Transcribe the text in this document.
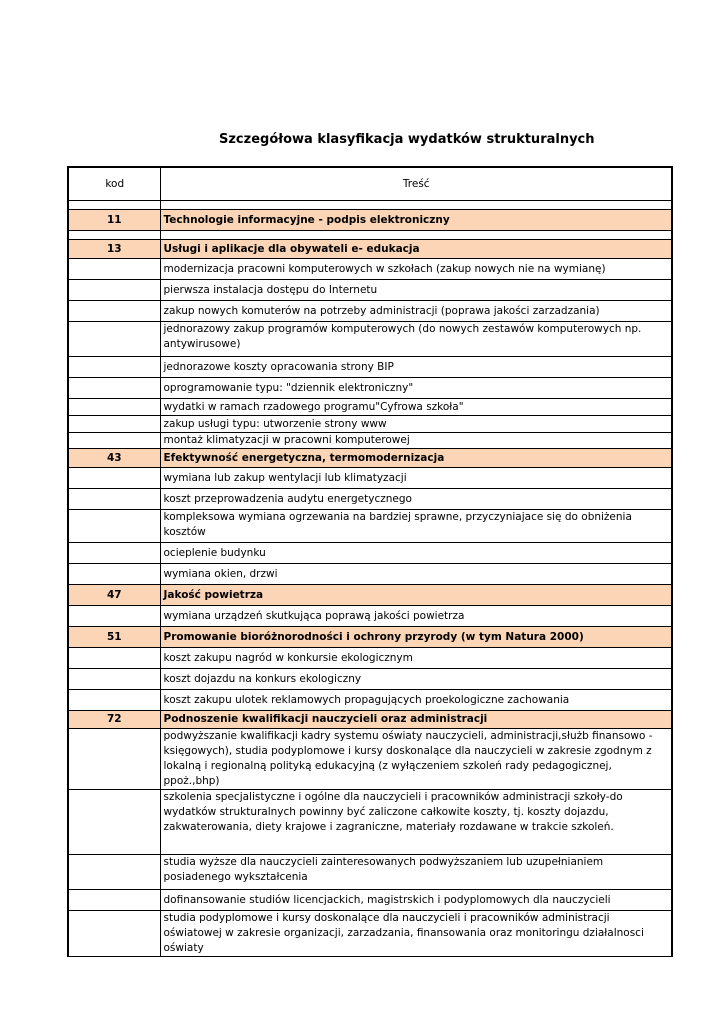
Szczegółowa klasyfikacja wydatków strukturalnych
kod	Treść

11	Technologie informacyjne - podpis elektroniczny

13	Usługi i aplikacje dla obywateli e- edukacja
	modernizacja pracowni komputerowych w szkołach (zakup nowych nie na wymianę)
	pierwsza instalacja dostępu do Internetu
	zakup nowych komuterów na potrzeby administracji (poprawa jakości zarzadzania)
	jednorazowy zakup programów komputerowych (do nowych zestawów komputerowych np. antywirusowe)
	jednorazowe koszty opracowania strony BIP
	oprogramowanie typu: "dziennik elektroniczny"
	wydatki w ramach rzadowego programu"Cyfrowa szkoła"
	zakup usługi typu: utworzenie strony www
	montaż klimatyzacji w pracowni komputerowej
43	Efektywność energetyczna, termomodernizacja
	wymiana lub zakup wentylacji lub klimatyzacji
	koszt przeprowadzenia audytu energetycznego
	kompleksowa wymiana ogrzewania na bardziej sprawne, przyczyniajace się do obniżenia kosztów
	ocieplenie budynku
	wymiana okien, drzwi
47	Jakość powietrza
	wymiana urządzeń skutkująca poprawą jakości powietrza
51	Promowanie bioróżnorodności i ochrony przyrody (w tym Natura 2000)
	koszt zakupu nagród w konkursie ekologicznym
	koszt dojazdu na konkurs ekologiczny
	koszt zakupu ulotek reklamowych propagujących proekologiczne zachowania
72	Podnoszenie kwalifikacji nauczycieli oraz administracji
	podwyższanie kwalifikacji kadry systemu oświaty nauczycieli, administracji,służb finansowo - księgowych), studia podyplomowe i kursy doskonalące dla nauczycieli w zakresie zgodnym z lokalną i regionalną polityką edukacyjną (z wyłączeniem szkoleń rady pedagogicznej, ppoż.,bhp)
	szkolenia specjalistyczne i ogólne dla nauczycieli i pracowników administracji szkoły-do wydatków strukturalnych powinny być zaliczone całkowite koszty, tj. koszty dojazdu, zakwaterowania, diety krajowe i zagraniczne, materiały rozdawane w trakcie szkoleń.
	studia wyższe dla nauczycieli zainteresowanych podwyższaniem lub uzupełnianiem posiadenego wykształcenia
	dofinansowanie studiów licencjackich, magistrskich i podyplomowych dla nauczycieli
	studia podyplomowe i kursy doskonalące dla nauczycieli i pracowników administracji oświatowej w zakresie organizacji, zarzadzania, finansowania oraz monitoringu działalnosci oświaty
